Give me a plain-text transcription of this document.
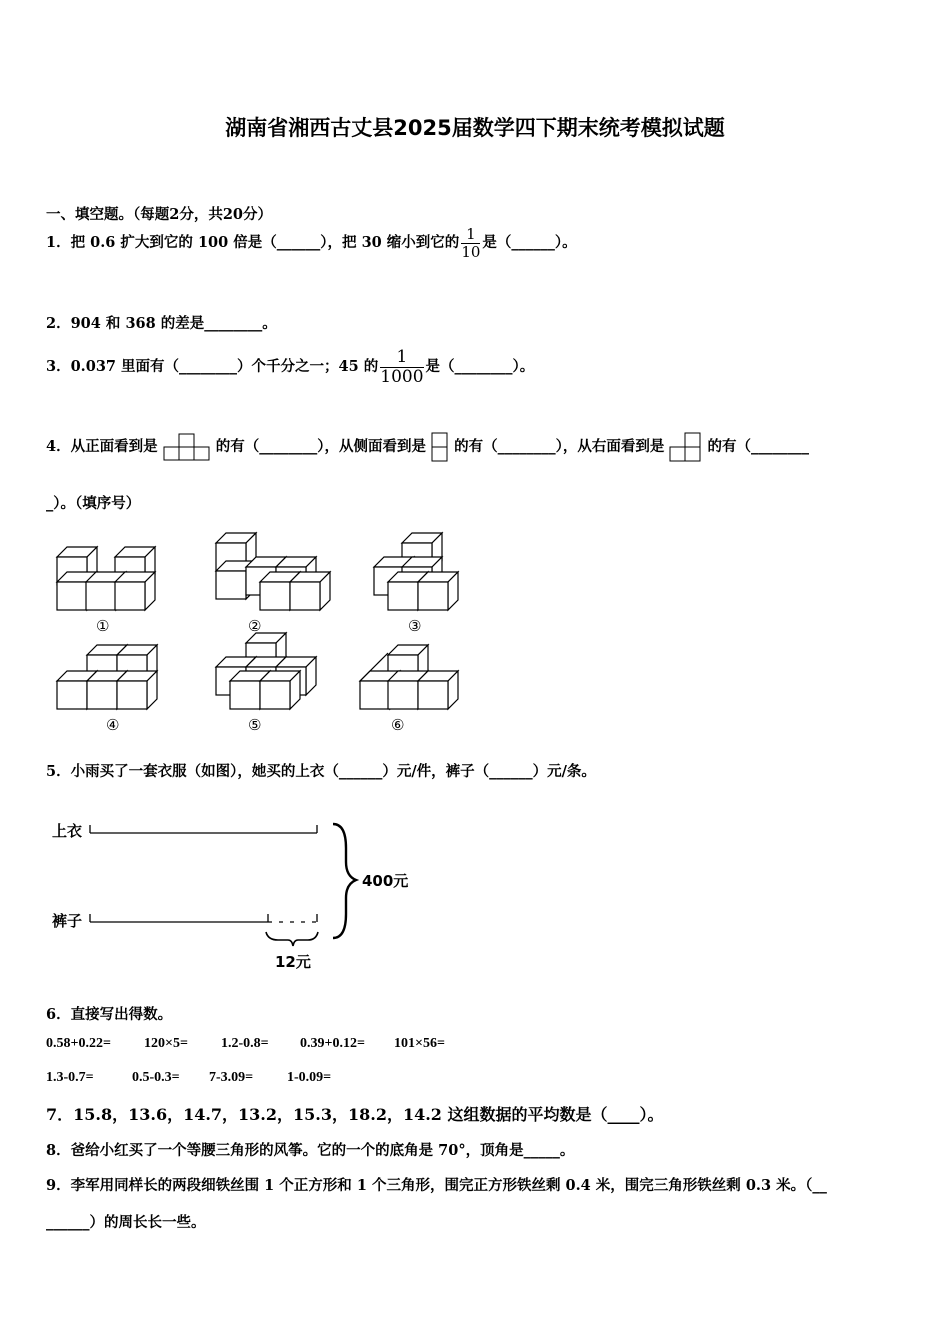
湖南省湘西古丈县2025届数学四下期末统考模拟试题
一、填空题。（每题2分，共20分）
1．把 0.6 扩大到它的 100 倍是（______），把 30 缩小到它的 $\frac{1}{10}$ 是（______）。
2．904 和 368 的差是________。
3．0.037 里面有（________）个千分之一；45 的 $\frac{1}{1000}$ 是（________）。
4．从正面看到是	的有（________），从侧面看到是 的有（________），从右面看到是	的有（________
_）。（填序号）
①	②	③
④	⑤	⑥
5．小雨买了一套衣服（如图），她买的上衣（______）元/件，裤子（______）元/条。
上衣
裤子
400元
12元
6．直接写出得数。
0.58+0.22= 120×5= 1.2-0.8= 0.39+0.12= 101×56=
1.3-0.7=	0.5-0.3= 7-3.09= 1-0.09=
7．15.8，13.6，14.7，13.2，15.3，18.2，14.2 这组数据的平均数是（____）。
8．爸给小红买了一个等腰三角形的风筝。它的一个的底角是 70°，顶角是_____。
9．李军用同样长的两段细铁丝围 1 个正方形和 1 个三角形，围完正方形铁丝剩 0.4 米，围完三角形铁丝剩 0.3 米。（__
______）的周长长一些。
